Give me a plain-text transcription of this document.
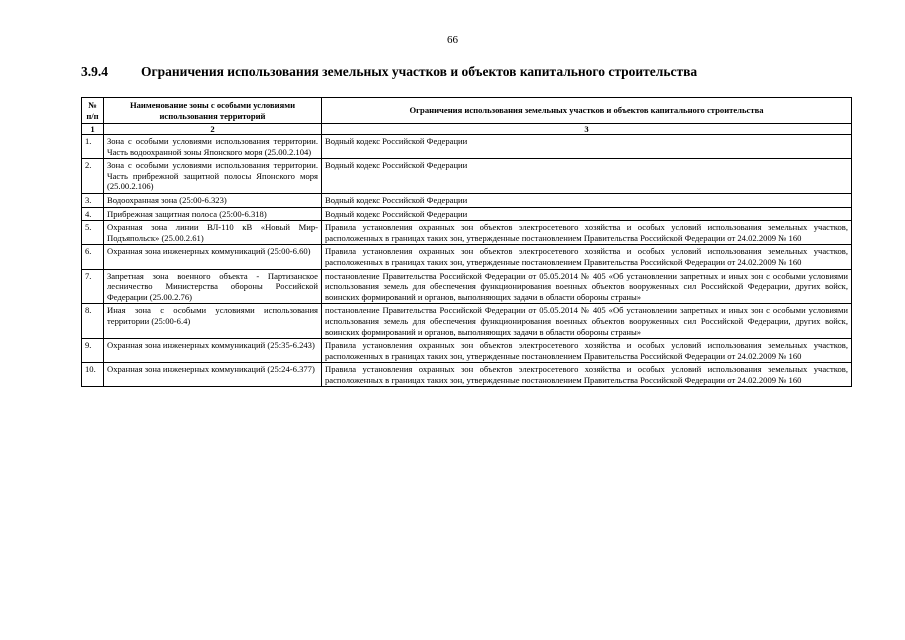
66
3.9.4 Ограничения использования земельных участков и объектов капитального строительства
№ п/п	Наименование зоны с особыми условиями использования территорий	Ограничения использования земельных участков и объектов капитального строительства
1	2	3
1.	Зона с особыми условиями использования территории. Часть водоохранной зоны Японского моря (25.00.2.104)	Водный кодекс Российской Федерации
2.	Зона с особыми условиями использования территории. Часть прибрежной защитной полосы Японского моря (25.00.2.106)	Водный кодекс Российской Федерации
3.	Водоохранная зона (25:00-6.323)	Водный кодекс Российской Федерации
4.	Прибрежная защитная полоса (25:00-6.318)	Водный кодекс Российской Федерации
5.	Охранная зона линии ВЛ-110 кВ «Новый Мир-Подъяпольск» (25.00.2.61)	Правила установления охранных зон объектов электросетевого хозяйства и особых условий использования земельных участков, расположенных в границах таких зон, утвержденные постановлением Правительства Российской Федерации от 24.02.2009 № 160
6.	Охранная зона инженерных коммуникаций (25:00-6.60)	Правила установления охранных зон объектов электросетевого хозяйства и особых условий использования земельных участков, расположенных в границах таких зон, утвержденные постановлением Правительства Российской Федерации от 24.02.2009 № 160
7.	Запретная зона военного объекта - Партизанское лесничество Министерства обороны Российской Федерации (25.00.2.76)	постановление Правительства Российской Федерации от 05.05.2014 № 405 «Об установлении запретных и иных зон с особыми условиями использования земель для обеспечения функционирования военных объектов вооруженных сил Российской Федерации, других войск, воинских формирований и органов, выполняющих задачи в области обороны страны»
8.	Иная зона с особыми условиями использования территории (25:00-6.4)	постановление Правительства Российской Федерации от 05.05.2014 № 405 «Об установлении запретных и иных зон с особыми условиями использования земель для обеспечения функционирования военных объектов вооруженных сил Российской Федерации, других войск, воинских формирований и органов, выполняющих задачи в области обороны страны»
9.	Охранная зона инженерных коммуникаций (25:35-6.243)	Правила установления охранных зон объектов электросетевого хозяйства и особых условий использования земельных участков, расположенных в границах таких зон, утвержденные постановлением Правительства Российской Федерации от 24.02.2009 № 160
10.	Охранная зона инженерных коммуникаций (25:24-6.377)	Правила установления охранных зон объектов электросетевого хозяйства и особых условий использования земельных участков, расположенных в границах таких зон, утвержденные постановлением Правительства Российской Федерации от 24.02.2009 № 160
